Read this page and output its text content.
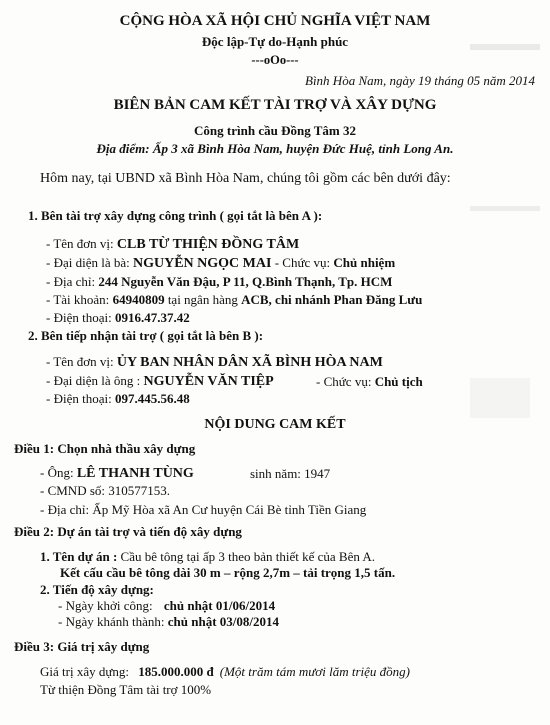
CỘNG HÒA XÃ HỘI CHỦ NGHĨA VIỆT NAM
Độc lập-Tự do-Hạnh phúc
---oOo---
Bình Hòa Nam, ngày 19 tháng 05 năm 2014
BIÊN BẢN CAM KẾT TÀI TRỢ VÀ XÂY DỰNG
Công trình cầu Đồng Tâm 32
Địa điểm: Ấp 3 xã Bình Hòa Nam, huyện Đức Huệ, tỉnh Long An.
Hôm nay, tại UBND xã Bình Hòa Nam, chúng tôi gồm các bên dưới đây:
1. Bên tài trợ xây dựng công trình ( gọi tắt là bên A ):
- Tên đơn vị: CLB TỪ THIỆN ĐỒNG TÂM
- Đại diện là bà: NGUYỄN NGỌC MAI - Chức vụ: Chủ nhiệm
- Địa chỉ: 244 Nguyễn Văn Đậu, P 11, Q.Bình Thạnh, Tp. HCM
- Tài khoản: 64940809 tại ngân hàng ACB, chi nhánh Phan Đăng Lưu
- Điện thoại: 0916.47.37.42
2. Bên tiếp nhận tài trợ ( gọi tắt là bên B ):
- Tên đơn vị: ỦY BAN NHÂN DÂN XÃ BÌNH HÒA NAM
- Đại diện là ông : NGUYỄN VĂN TIỆP	- Chức vụ: Chủ tịch
- Điện thoại: 097.445.56.48
NỘI DUNG CAM KẾT
Điều 1: Chọn nhà thầu xây dựng
- Ông: LÊ THANH TÙNG	sinh năm: 1947
- CMND số: 310577153.
- Địa chỉ: Ấp Mỹ Hòa xã An Cư huyện Cái Bè tỉnh Tiền Giang
Điều 2: Dự án tài trợ và tiến độ xây dựng
1. Tên dự án : Cầu bê tông tại ấp 3 theo bản thiết kế của Bên A.
Kết cấu cầu bê tông dài 30 m – rộng 2,7m – tải trọng 1,5 tấn.
2. Tiến độ xây dựng:
- Ngày khởi công: chủ nhật 01/06/2014
- Ngày khánh thành: chủ nhật 03/08/2014
Điều 3: Giá trị xây dựng
Giá trị xây dựng: 185.000.000 đ (Một trăm tám mươi lăm triệu đồng)
Từ thiện Đồng Tâm tài trợ 100%
